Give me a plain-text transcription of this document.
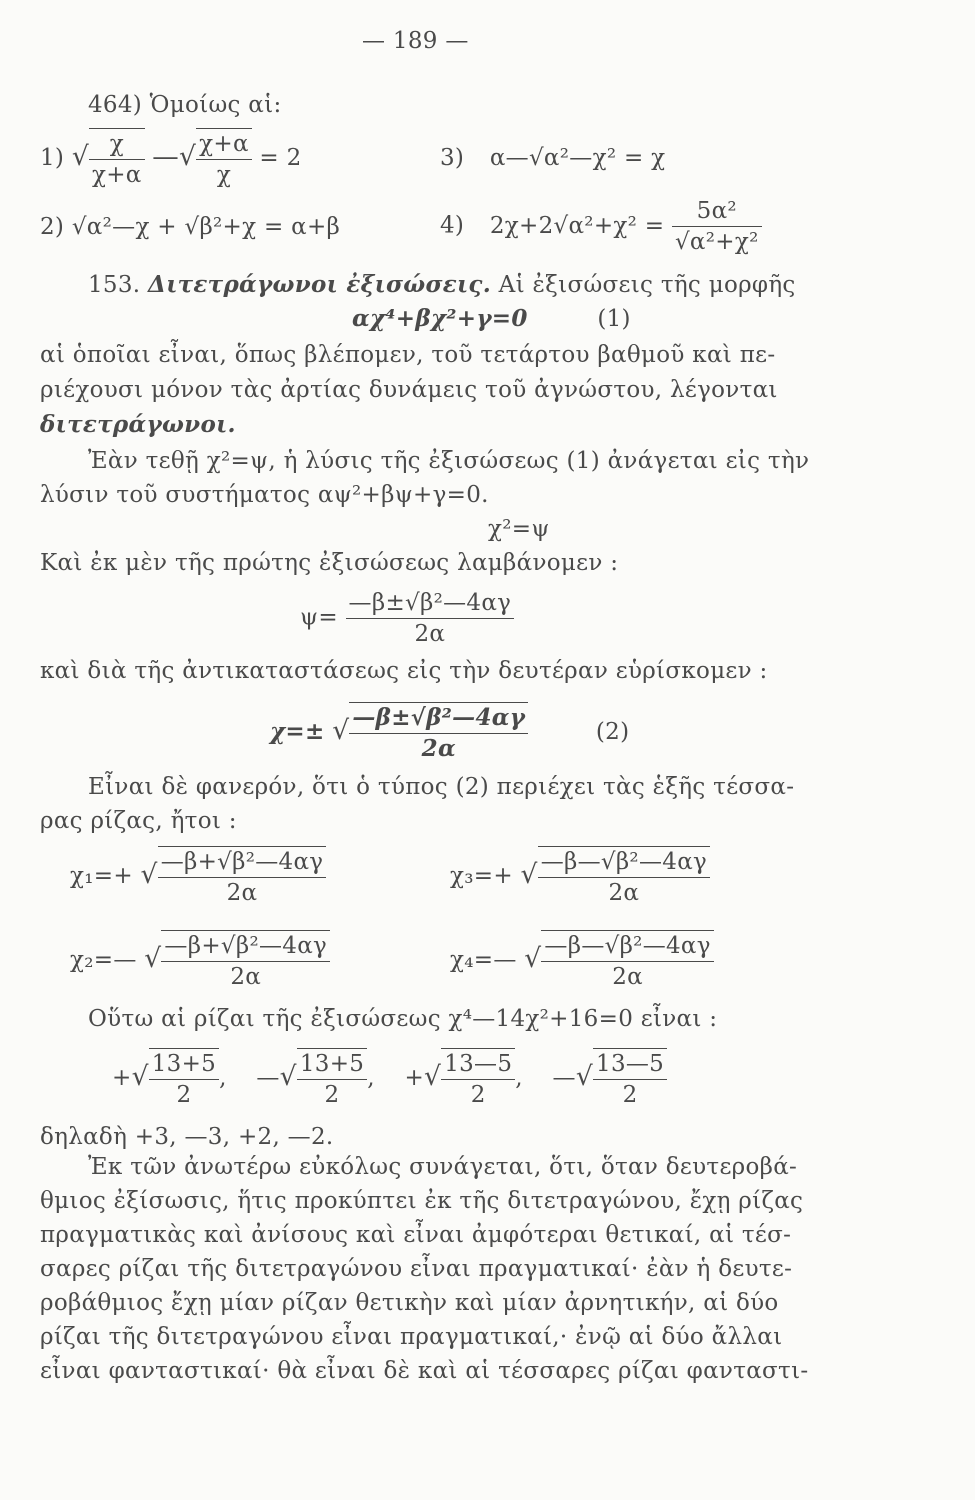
— 189 —
464) Ὁμοίως αἱ:
1) √ $\frac{\chi}{\chi+\alpha}$ —√ $\frac{\chi+\alpha}{\chi} = 2$	3) α—√α²—χ² = χ
2) √α²—χ + √β²+χ = α+β	4) $2\chi+2√\alpha^2+\chi^2 = \frac{\text{5α²}}{\text{√α²+χ²}}$
153. Διτετράγωνοι ἐξισώσεις. Αἱ ἐξισώσεις τῆς μορφῆς
αχ⁴+βχ²+γ=0	(1)
αἱ ὁποῖαι εἶναι, ὅπως βλέπομεν, τοῦ τετάρτου βαθμοῦ καὶ πε-
ριέχουσι μόνον τὰς ἀρτίας δυνάμεις τοῦ ἀγνώστου, λέγονται
διτετράγωνοι.
Ἐὰν τεθῇ χ²=ψ, ἡ λύσις τῆς ἐξισώσεως (1) ἀνάγεται εἰς τὴν
λύσιν τοῦ συστήματος αψ²+βψ+γ=0.
χ²=ψ
Καὶ ἐκ μὲν τῆς πρώτης ἐξισώσεως λαμβάνομεν :
$\psi= \frac{\text{—β±√β²—4αγ}}{2\alpha}$
καὶ διὰ τῆς ἀντικαταστάσεως εἰς τὴν δευτέραν εὑρίσκομεν :
χ=± √ $\frac{\text{—β±√β²—4αγ}}{2\alpha}$	(2)
Εἶναι δὲ φανερόν, ὅτι ὁ τύπος (2) περιέχει τὰς ἑξῆς τέσσα-
ρας ρίζας, ἤτοι :
χ₁=+ √ $\frac{\text{—β+√β²—4αγ}}{2\alpha}$	χ₃=+ √ $\frac{\text{—β—√β²—4αγ}}{2\alpha}$
χ₂=— √ $\frac{\text{—β+√β²—4αγ}}{2\alpha}$	χ₄=— √ $\frac{\text{—β—√β²—4αγ}}{2\alpha}$
Οὕτω αἱ ρίζαι τῆς ἐξισώσεως χ⁴—14χ²+16=0 εἶναι :
+√ $\frac{13+5}{2}$ , —√ $\frac{13+5}{2}$ , +√ $\frac{13—5}{2}$ , —√ $\frac{13—5}{2}$
δηλαδὴ +3, —3, +2, —2.
Ἐκ τῶν ἀνωτέρω εὐκόλως συνάγεται, ὅτι, ὅταν δευτεροβά-
θμιος ἐξίσωσις, ἥτις προκύπτει ἐκ τῆς διτετραγώνου, ἔχῃ ρίζας
πραγματικὰς καὶ ἀνίσους καὶ εἶναι ἀμφότεραι θετικαί, αἱ τέσ-
σαρες ρίζαι τῆς διτετραγώνου εἶναι πραγματικαί· ἐὰν ἡ δευτε-
ροβάθμιος ἔχῃ μίαν ρίζαν θετικὴν καὶ μίαν ἀρνητικήν, αἱ δύο
ρίζαι τῆς διτετραγώνου εἶναι πραγματικαί,· ἐνῷ αἱ δύο ἄλλαι
εἶναι φανταστικαί· θὰ εἶναι δὲ καὶ αἱ τέσσαρες ρίζαι φανταστι-
